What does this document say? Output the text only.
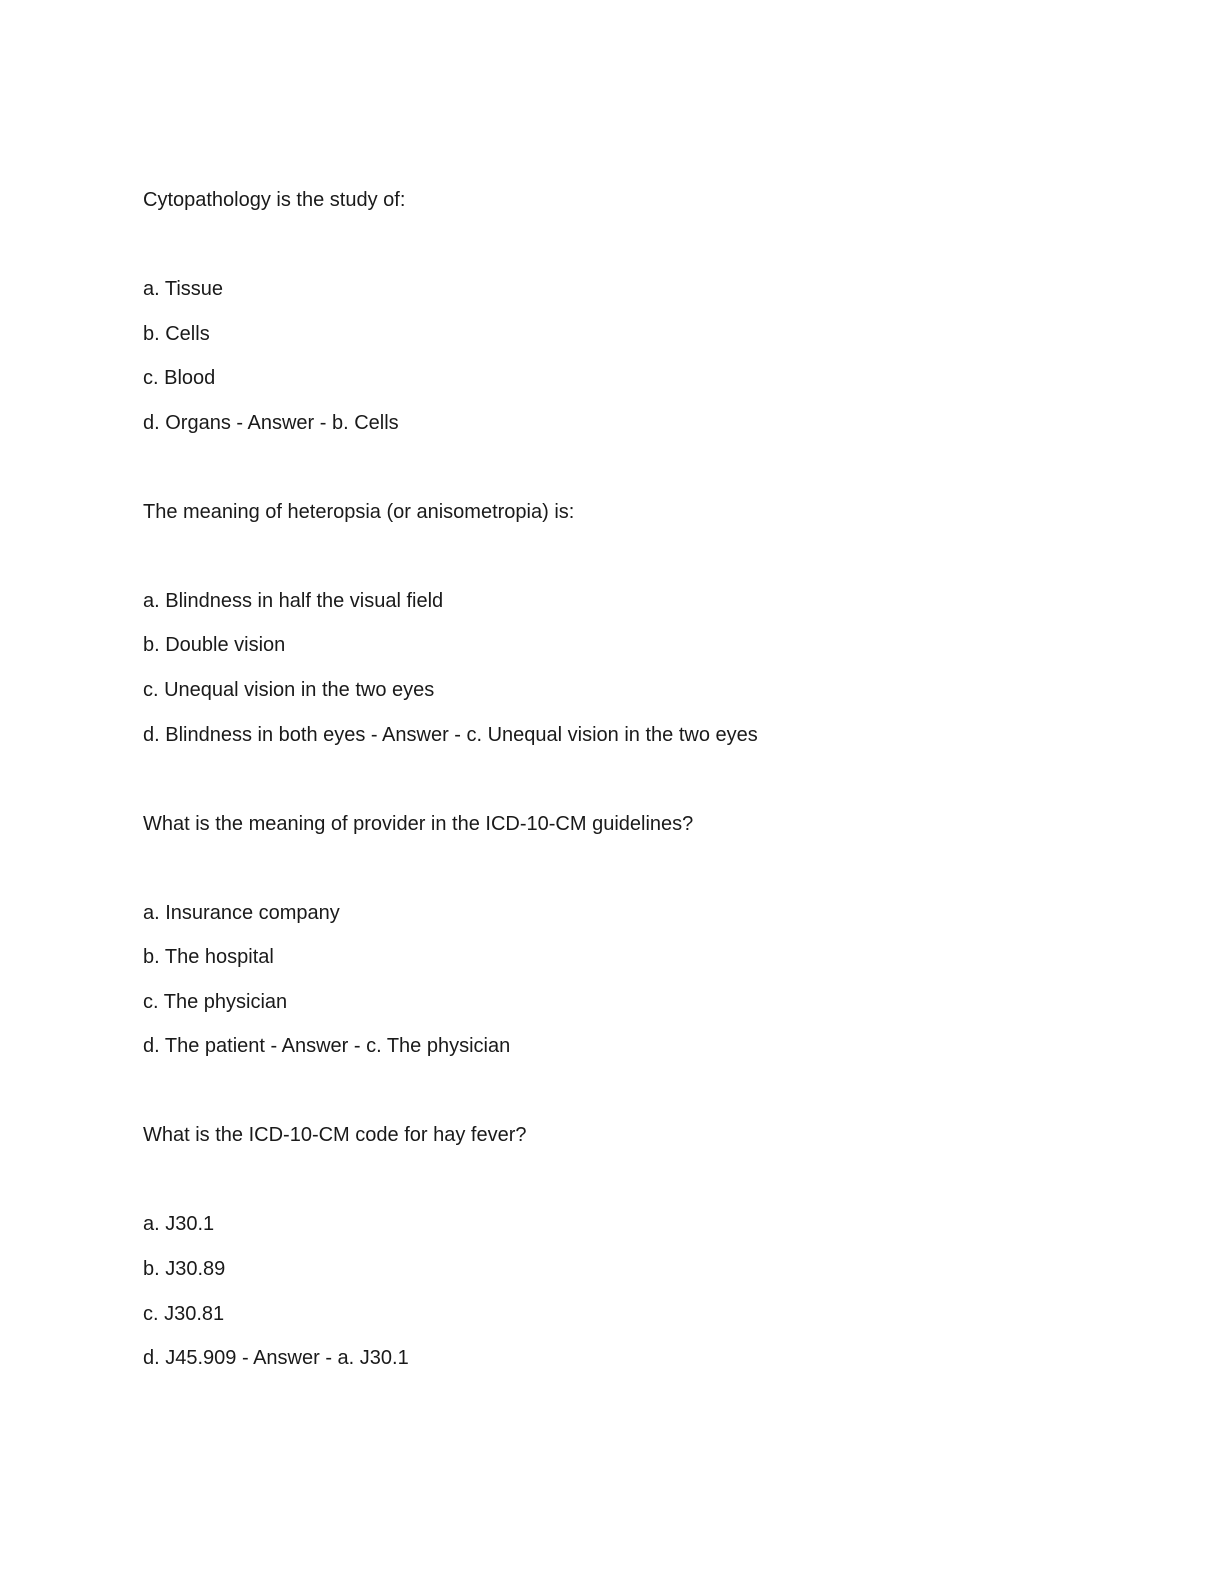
Cytopathology is the study of:

a. Tissue

b. Cells

c. Blood

d. Organs - Answer - b. Cells

The meaning of heteropsia (or anisometropia) is:

a. Blindness in half the visual field

b. Double vision

c. Unequal vision in the two eyes

d. Blindness in both eyes - Answer - c. Unequal vision in the two eyes

What is the meaning of provider in the ICD-10-CM guidelines?

a. Insurance company

b. The hospital

c. The physician

d. The patient - Answer - c. The physician

What is the ICD-10-CM code for hay fever?

a. J30.1

b. J30.89

c. J30.81

d. J45.909 - Answer - a. J30.1
